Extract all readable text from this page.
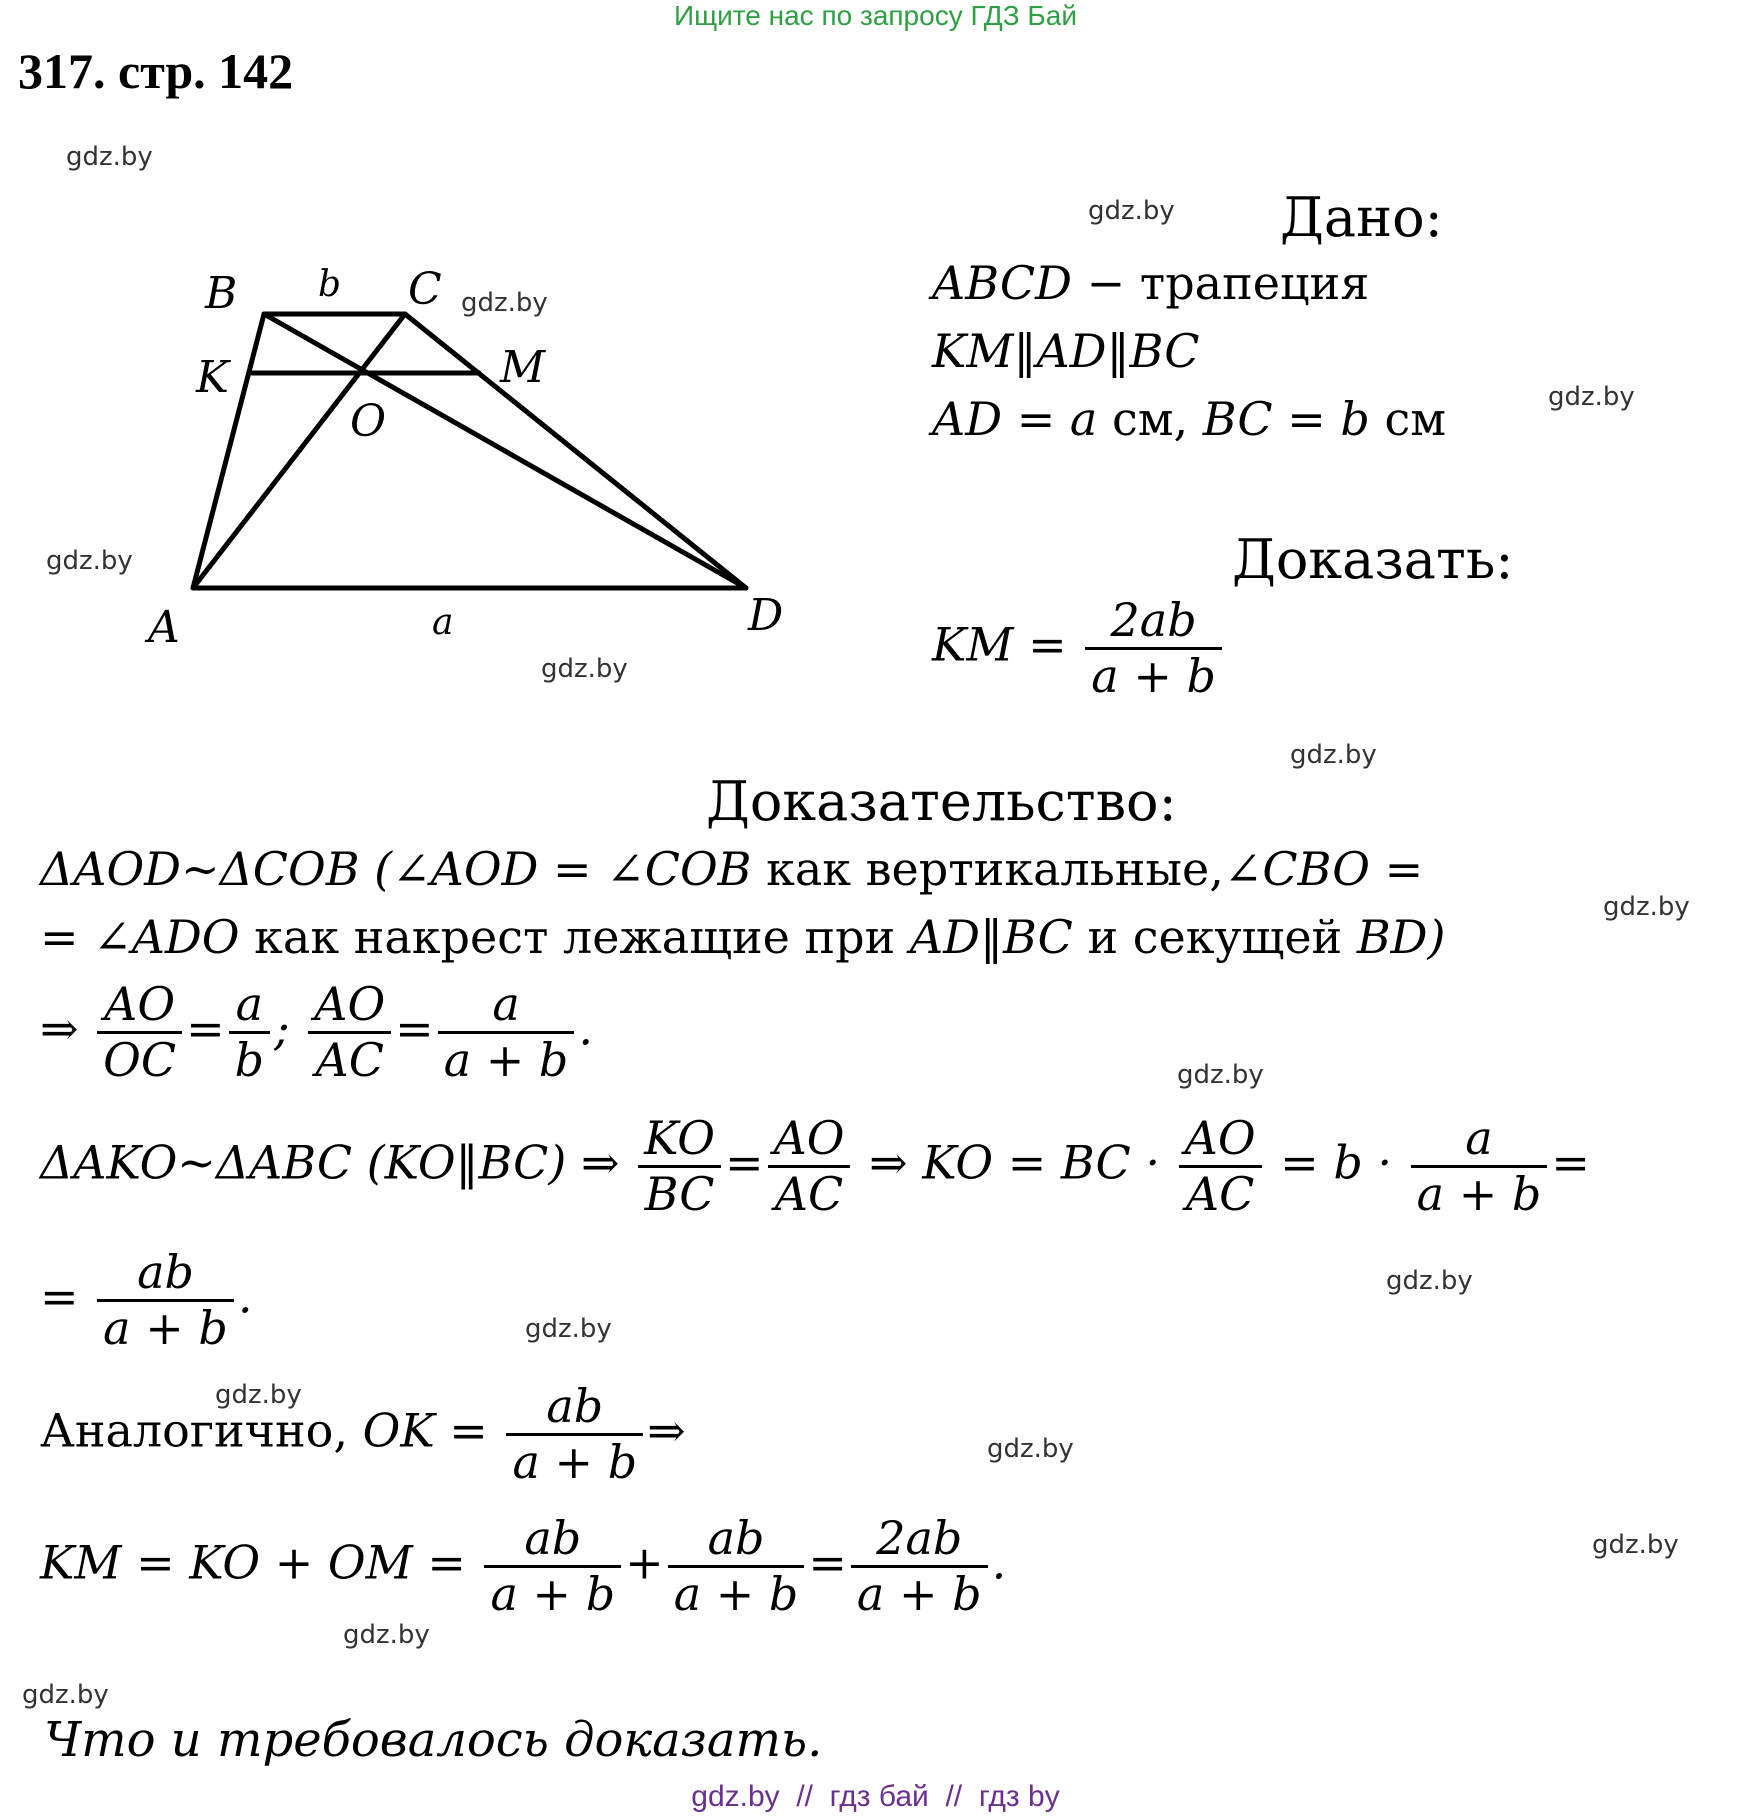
Ищите нас по запросу ГДЗ Бай
317. стр. 142
gdz.by
gdz.by
gdz.by
gdz.by
gdz.by
gdz.by
gdz.by
gdz.by
gdz.by
gdz.by
gdz.by
gdz.by
gdz.by
gdz.by
gdz.by
gdz.by
B b C
K	M
O
A	a	D
Дано:
ABCD − трапеция
KM‖AD‖BC
AD = a см, BC = b см
Доказать:
KM = $\frac{2ab}{a + b}$
Доказательство:
ΔAOD~ΔCOB (∠AOD = ∠COB как вертикальные,∠CBO =
= ∠ADO как накрест лежащие при AD‖BC и секущей BD)
⇒ $\frac{AO}{OC} = \frac{a}{b}$ ; $\frac{AO}{AC} = \frac{a}{a + b}$ .
ΔAKO~ΔABC (KO‖BC) ⇒ $\frac{KO}{BC} = \frac{AO}{AC}$ ⇒ KO = BC · $\frac{AO}{AC} = b \cdot \frac{a}{a + b}$ =
= $\frac{ab}{a + b}$ .
Аналогично, OK = $\frac{ab}{a + b}$ ⇒
KM = KO + OM = $\frac{ab}{a + b} + \frac{ab}{a + b} = \frac{2ab}{a + b}$ .
Что и требовалось доказать.
gdz.by  //  гдз бай  //  гдз by
